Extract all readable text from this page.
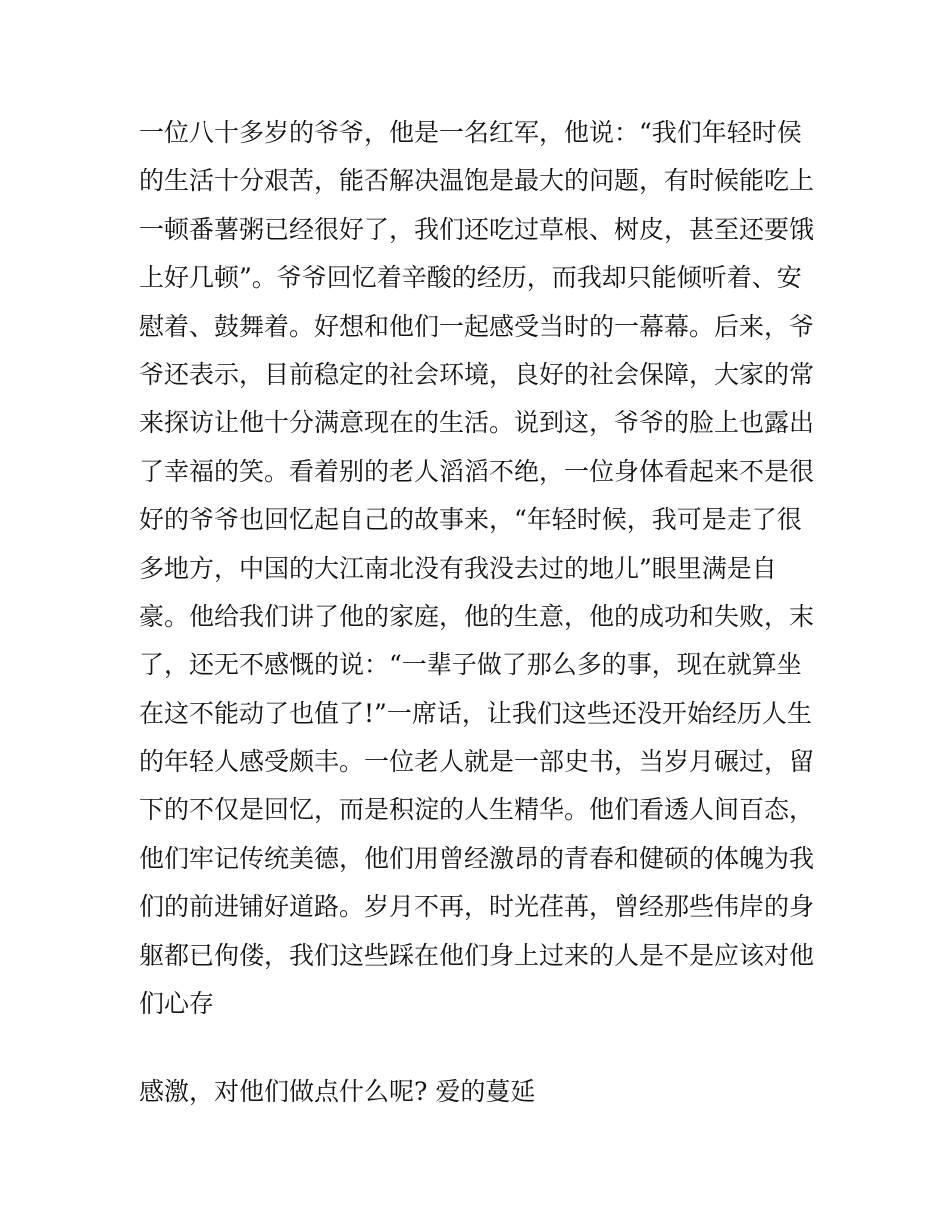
一位八十多岁的爷爷，他是一名红军，他说：“我们年轻时侯
的生活十分艰苦，能否解决温饱是最大的问题，有时候能吃上
一顿番薯粥已经很好了，我们还吃过草根、树皮，甚至还要饿
上好几顿”。爷爷回忆着辛酸的经历，而我却只能倾听着、安
慰着、鼓舞着。好想和他们一起感受当时的一幕幕。后来，爷
爷还表示，目前稳定的社会环境，良好的社会保障，大家的常
来探访让他十分满意现在的生活。说到这，爷爷的脸上也露出
了幸福的笑。看着别的老人滔滔不绝，一位身体看起来不是很
好的爷爷也回忆起自己的故事来，“年轻时候，我可是走了很
多地方，中国的大江南北没有我没去过的地儿”眼里满是自
豪。他给我们讲了他的家庭，他的生意，他的成功和失败，末
了，还无不感慨的说：“一辈子做了那么多的事，现在就算坐
在这不能动了也值了!”一席话，让我们这些还没开始经历人生
的年轻人感受颇丰。一位老人就是一部史书，当岁月碾过，留
下的不仅是回忆，而是积淀的人生精华。他们看透人间百态，
他们牢记传统美德，他们用曾经激昂的青春和健硕的体魄为我
们的前进铺好道路。岁月不再，时光荏苒，曾经那些伟岸的身
躯都已佝偻，我们这些踩在他们身上过来的人是不是应该对他
们心存

感激，对他们做点什么呢? 爱的蔓延
